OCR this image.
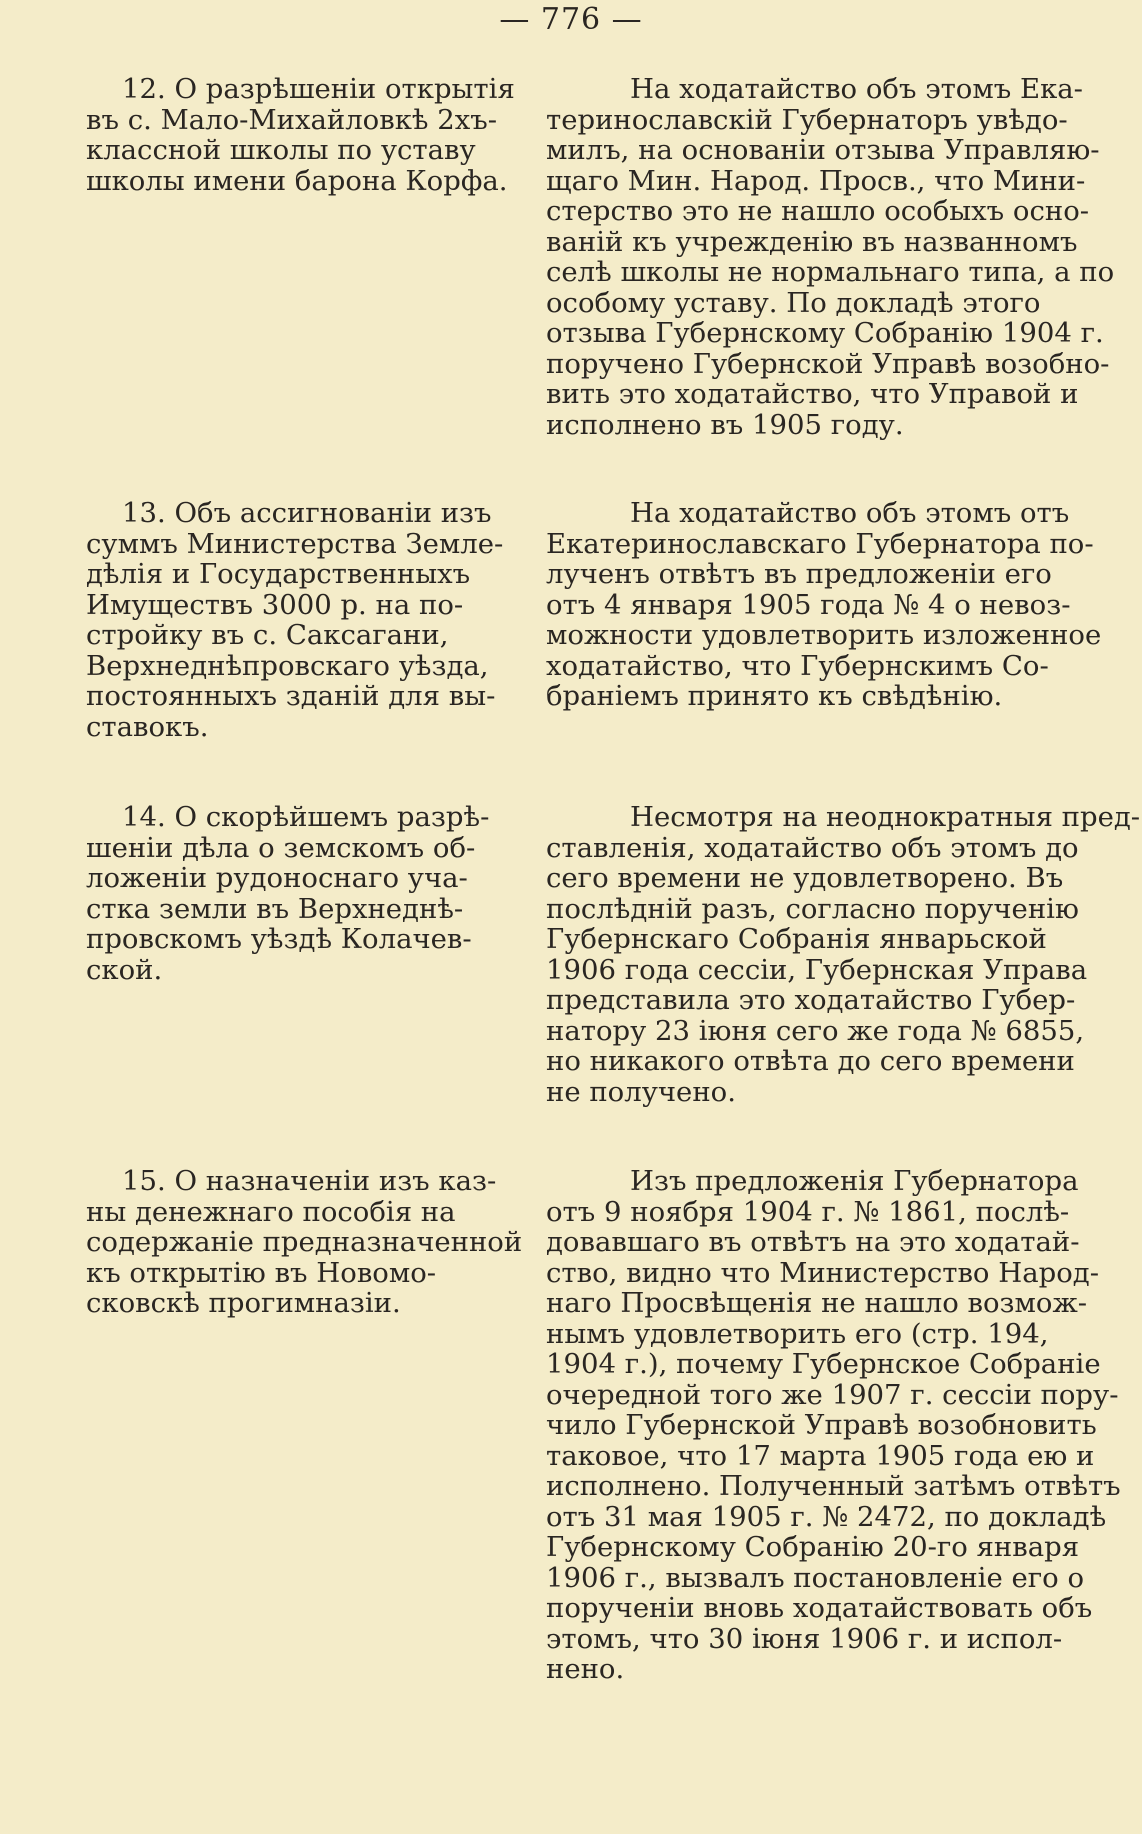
— 776 —
12. О разрѣшенiи открытiя
въ с. Мало-Михайловкѣ 2хъ-
классной школы по уставу
школы имени барона Корфа.
На ходатайство объ этомъ Ека-
теринославскiй Губернаторъ увѣдо-
милъ, на основанiи отзыва Управляю-
щаго Мин. Народ. Просв., что Мини-
стерство это не нашло особыхъ осно-
ванiй къ учрежденiю въ названномъ
селѣ школы не нормальнаго типа, а по
особому уставу. По докладѣ этого
отзыва Губернскому Собранiю 1904 г.
поручено Губернской Управѣ возобно-
вить это ходатайство, что Управой и
исполнено въ 1905 году.
13. Объ ассигнованiи изъ
суммъ Министерства Земле-
дѣлiя и Государственныхъ
Имуществъ 3000 р. на по-
стройку въ с. Саксагани,
Верхнеднѣпровскаго уѣзда,
постоянныхъ зданiй для вы-
ставокъ.
На ходатайство объ этомъ отъ
Екатеринославскаго Губернатора по-
лученъ отвѣтъ въ предложенiи его
отъ 4 января 1905 года № 4 о невоз-
можности удовлетворить изложенное
ходатайство, что Губернскимъ Со-
бранiемъ принято къ свѣдѣнiю.
14. О скорѣйшемъ разрѣ-
шенiи дѣла о земскомъ об-
ложенiи рудоноснаго уча-
стка земли въ Верхнеднѣ-
провскомъ уѣздѣ Колачев-
ской.
Несмотря на неоднократныя пред-
ставленiя, ходатайство объ этомъ до
сего времени не удовлетворено. Въ
послѣднiй разъ, согласно порученiю
Губернскаго Собранiя январьской
1906 года сессiи, Губернская Управа
представила это ходатайство Губер-
натору 23 iюня сего же года № 6855,
но никакого отвѣта до сего времени
не получено.
15. О назначенiи изъ каз-
ны денежнаго пособiя на
содержанiе предназначенной
къ открытiю въ Новомо-
сковскѣ прогимназiи.
Изъ предложенiя Губернатора
отъ 9 ноября 1904 г. № 1861, послѣ-
довавшаго въ отвѣтъ на это ходатай-
ство, видно что Министерство Народ-
наго Просвѣщенiя не нашло возмож-
нымъ удовлетворить его (стр. 194,
1904 г.), почему Губернское Собранiе
очередной того же 1907 г. сессiи пору-
чило Губернской Управѣ возобновить
таковое, что 17 марта 1905 года ею и
исполнено. Полученный затѣмъ отвѣтъ
отъ 31 мая 1905 г. № 2472, по докладѣ
Губернскому Собранiю 20-го января
1906 г., вызвалъ постановленiе его о
порученiи вновь ходатайствовать объ
этомъ, что 30 iюня 1906 г. и испол-
нено.
